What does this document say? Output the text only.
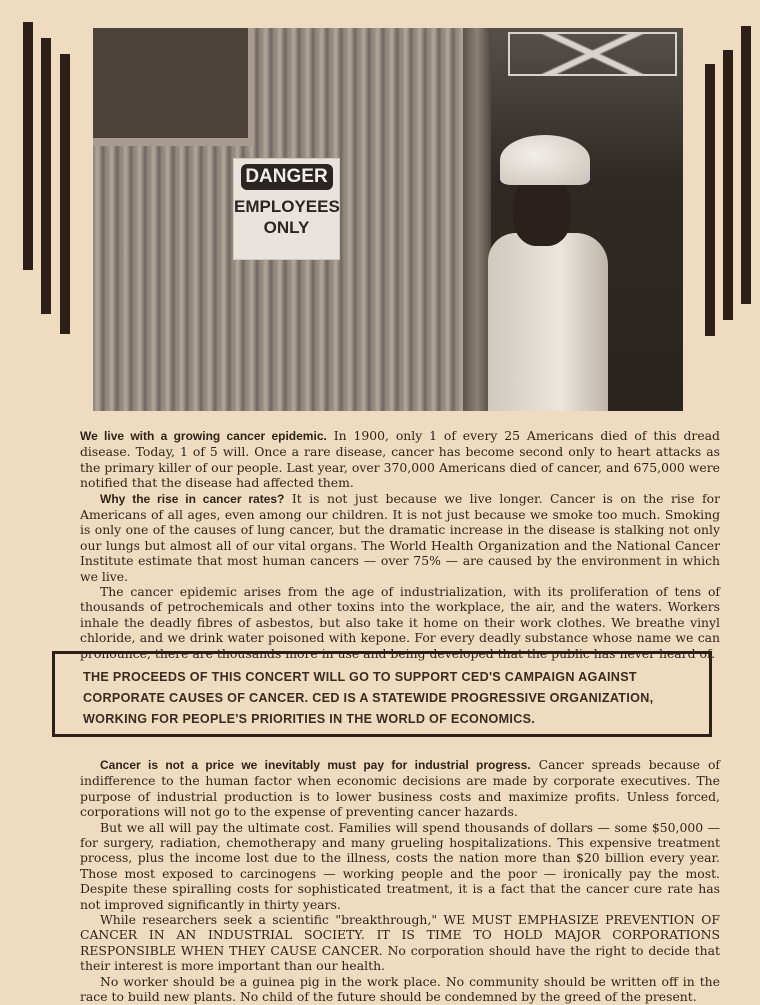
DANGER
EMPLOYEES
ONLY

We live with a growing cancer epidemic. In 1900, only 1 of every 25 Americans died of this dread disease. Today, 1 of 5 will. Once a rare disease, cancer has become second only to heart attacks as the primary killer of our people. Last year, over 370,000 Americans died of cancer, and 675,000 were notified that the disease had affected them.

Why the rise in cancer rates? It is not just because we live longer. Cancer is on the rise for Americans of all ages, even among our children. It is not just because we smoke too much. Smoking is only one of the causes of lung cancer, but the dramatic increase in the disease is stalking not only our lungs but almost all of our vital organs. The World Health Organization and the National Cancer Institute estimate that most human cancers — over 75% — are caused by the environment in which we live.

The cancer epidemic arises from the age of industrialization, with its proliferation of tens of thousands of petrochemicals and other toxins into the workplace, the air, and the waters. Workers inhale the deadly fibres of asbestos, but also take it home on their work clothes. We breathe vinyl chloride, and we drink water poisoned with kepone. For every deadly substance whose name we can pronounce, there are thousands more in use and being developed that the public has never heard of.

THE PROCEEDS OF THIS CONCERT WILL GO TO SUPPORT CED'S CAMPAIGN AGAINST
CORPORATE CAUSES OF CANCER. CED IS A STATEWIDE PROGRESSIVE ORGANIZATION,
WORKING FOR PEOPLE'S PRIORITIES IN THE WORLD OF ECONOMICS.

Cancer is not a price we inevitably must pay for industrial progress. Cancer spreads because of indifference to the human factor when economic decisions are made by corporate executives. The purpose of industrial production is to lower business costs and maximize profits. Unless forced, corporations will not go to the expense of preventing cancer hazards.

But we all will pay the ultimate cost. Families will spend thousands of dollars — some $50,000 — for surgery, radiation, chemotherapy and many grueling hospitalizations. This expensive treatment process, plus the income lost due to the illness, costs the nation more than $20 billion every year. Those most exposed to carcinogens — working people and the poor — ironically pay the most. Despite these spiralling costs for sophisticated treatment, it is a fact that the cancer cure rate has not improved significantly in thirty years.

While researchers seek a scientific "breakthrough," WE MUST EMPHASIZE PREVENTION OF CANCER IN AN INDUSTRIAL SOCIETY. IT IS TIME TO HOLD MAJOR CORPORATIONS RESPONSIBLE WHEN THEY CAUSE CANCER. No corporation should have the right to decide that their interest is more important than our health.

No worker should be a guinea pig in the work place. No community should be written off in the race to build new plants. No child of the future should be condemned by the greed of the present.
